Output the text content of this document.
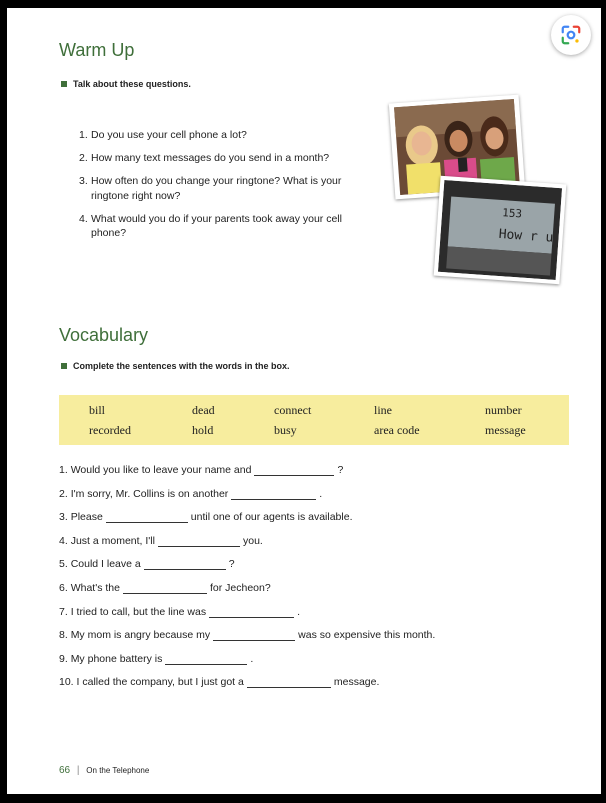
Warm Up
Talk about these questions.
1. Do you use your cell phone a lot?
2. How many text messages do you send in a month?
3. How often do you change your ringtone? What is your ringtone right now?
4. What would you do if your parents took away your cell phone?
153
How r u
Vocabulary
Complete the sentences with the words in the box.
bill	dead	connect	line	number
recorded	hold	busy	area code	message
1.
Would you like to leave your name and	?
2.
I'm sorry, Mr. Collins is on another	.
3.
Please	until one of our agents is available.
4.
Just a moment, I'll	you.
5.
Could I leave a	?
6.
What's the	for Jecheon?
7.
I tried to call, but the line was	.
8.
My mom is angry because my	was so expensive this month.
9.
My phone battery is	.
10.
I called the company, but I just got a	message.
66 | On the Telephone
